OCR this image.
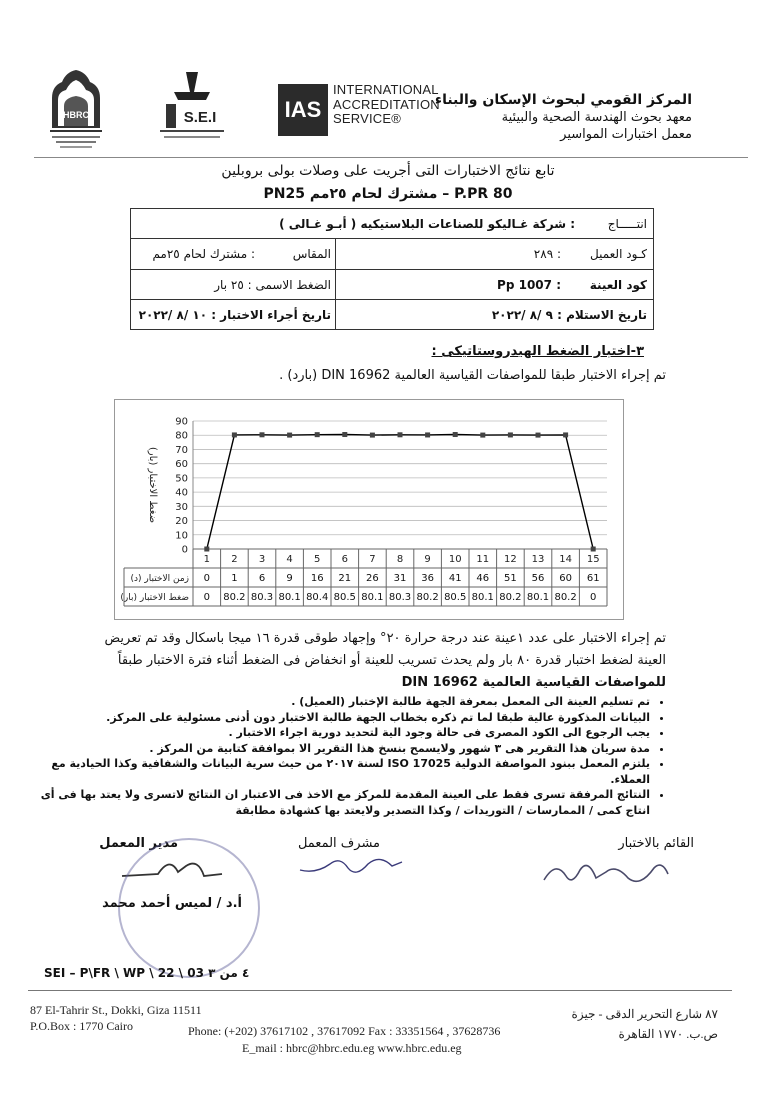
HBRC	S.E.I	IAS
INTERNATIONAL
ACCREDITATION
SERVICE®
المركز القومي لبحوث الإسكان والبناء
معهد بحوث الهندسة الصحية والبيئية
معمل اختبارات المواسير
تابع نتائج الاختبارات التى أجريت على وصلات بولى بروبلين
P.PR 80 – مشترك لحام ٢٥مم PN25
انتـــــاج
: شركة غـاليكو للصناعات البلاستيكيه ( أبـو غـالى )
كـود العميل
: ٢٨٩
المقاس
: مشترك لحام ٢٥مم
كود العينة
: Pp 1007
الضغط الاسمى : ٢٥ بار
تاريخ الاستلام : ٩ /٨ /٢٠٢٢
تاريخ أجراء الاختبار : ١٠ /٨ /٢٠٢٢
٣-اختبار الضغط الهيدروستاتيكى :
تم إجراء الاختبار طبقا للمواصفات القياسية العالمية DIN 16962 (بارد) .
ضغط الاختبار (بار)
0
10
20
30
40
50
60
70
80
90
1 2 3 4 5 6 7 8 9 10 11 12 13 14 15
زمن الاختبار (د) 0 1 6 9 16 21 26 31 36 41 46 51 56 60 61
ضغط الاختبار (بار) 0 80.2 80.3 80.1 80.4 80.5 80.1 80.3 80.2 80.5 80.1 80.2 80.1 80.2 0
تم إجراء الاختبار على عدد ١عينة عند درجة حرارة ٢٠° وإجهاد طوقى قدرة ١٦ ميجا باسكال وقد تم تعريض
العينة لضغط اختبار قدرة ٨٠ بار ولم يحدث تسريب للعينة أو انخفاض فى الضغط أثناء فترة الاختبار طبقاً
للمواصفات القياسية العالمية DIN 16962
• تم تسليم العينة الى المعمل بمعرفة الجهة طالبة الإختبار (العميل) .
• البيانات المذكورة عالية طبقا لما تم ذكره بخطاب الجهة طالبة الاختبار دون أدنى مسئولية على المركز.
• يجب الرجوع الى الكود المصرى فى حالة وجود الية لتحديد دورية اجراء الاختبار .
• مدة سريان هذا التقرير هى ٣ شهور ولايسمح بنسخ هذا التقرير الا بموافقة كتابية من المركز .
• يلتزم المعمل ببنود المواصفة الدولية ISO 17025 لسنة ٢٠١٧ من حيث سرية البيانات والشفافية وكذا الحيادية مع العملاء.
• النتائج المرفقة تسرى فقط على العينة المقدمة للمركز مع الاخذ فى الاعتبار ان النتائج لاتسرى ولا يعتد بها فى أى انتاج كمى / الممارسات / التوريدات / وكذا التصدير ولايعتد بها كشهادة مطابقة
القائم بالاختبار
مشرف المعمل
مدير المعمل
أ.د / لميس أحمد محمد
SEI – P\FR \ WP \ 22 \ 03 ٤ من ٣
87 El-Tahrir St., Dokki, Giza 11511
P.O.Box : 1770 Cairo
٨٧ شارع التحرير الدقى - جيزة
ص.ب. ١٧٧٠ القاهرة
Phone: (+202) 37617102 , 37617092 Fax : 33351564 , 37628736
E_mail : hbrc@hbrc.edu.eg www.hbrc.edu.eg
